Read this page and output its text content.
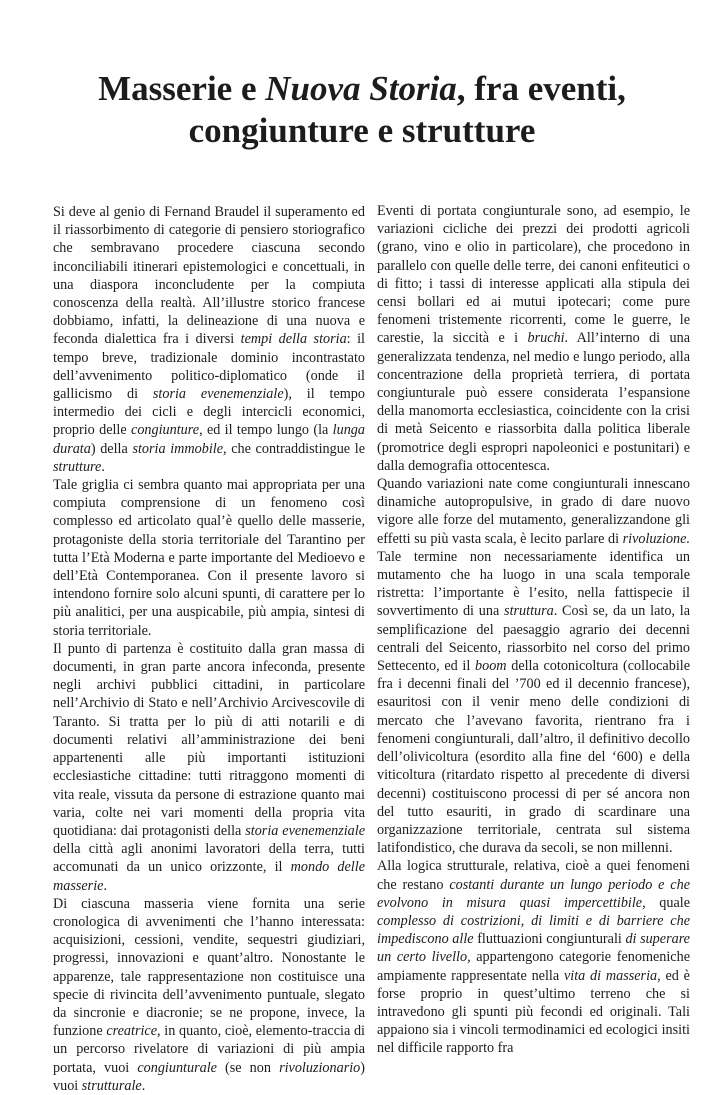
Masserie e Nuova Storia, fra eventi,
congiunture e strutture

Si deve al genio di Fernand Braudel il superamento ed il riassorbimento di categorie di pensiero storiografico che sembravano procedere ciascuna secondo inconciliabili itinerari epistemologici e concettuali, in una diaspora inconcludente per la compiuta conoscenza della realtà. All’illustre storico francese dobbiamo, infatti, la delineazione di una nuova e feconda dialettica fra i diversi tempi della storia: il tempo breve, tradizionale dominio incontrastato dell’avvenimento politico-diplomatico (onde il gallicismo di storia evenemenziale), il tempo intermedio dei cicli e degli intercicli economici, proprio delle congiunture, ed il tempo lungo (la lunga durata) della storia immobile, che contraddistingue le strutture.

Tale griglia ci sembra quanto mai appropriata per una compiuta comprensione di un fenomeno così complesso ed articolato qual’è quello delle masserie, protagoniste della storia territoriale del Tarantino per tutta l’Età Moderna e parte importante del Medioevo e dell’Età Contemporanea. Con il presente lavoro si intendono fornire solo alcuni spunti, di carattere per lo più analitici, per una auspicabile, più ampia, sintesi di storia territoriale.

Il punto di partenza è costituito dalla gran massa di documenti, in gran parte ancora infeconda, presente negli archivi pubblici cittadini, in particolare nell’Archivio di Stato e nell’Archivio Arcivescovile di Taranto. Si tratta per lo più di atti notarili e di documenti relativi all’amministrazione dei beni appartenenti alle più importanti istituzioni ecclesiastiche cittadine: tutti ritraggono momenti di vita reale, vissuta da persone di estrazione quanto mai varia, colte nei vari momenti della propria vita quotidiana: dai protagonisti della storia evenemenziale della città agli anonimi lavoratori della terra, tutti accomunati da un unico orizzonte, il mondo delle masserie.

Di ciascuna masseria viene fornita una serie cronologica di avvenimenti che l’hanno interessata: acquisizioni, cessioni, vendite, sequestri giudiziari, progressi, innovazioni e quant’altro. Nonostante le apparenze, tale rappresentazione non costituisce una specie di rivincita dell’avvenimento puntuale, slegato da sincronie e diacronie; se ne propone, invece, la funzione creatrice, in quanto, cioè, elemento-traccia di un percorso rivelatore di variazioni di più ampia portata, vuoi congiunturale (se non rivoluzionario) vuoi strutturale.

Eventi di portata congiunturale sono, ad esempio, le variazioni cicliche dei prezzi dei prodotti agricoli (grano, vino e olio in particolare), che procedono in parallelo con quelle delle terre, dei canoni enfiteutici o di fitto; i tassi di interesse applicati alla stipula dei censi bollari ed ai mutui ipotecari; come pure fenomeni tristemente ricorrenti, come le guerre, le carestie, la siccità e i bruchi. All’interno di una generalizzata tendenza, nel medio e lungo periodo, alla concentrazione della proprietà terriera, di portata congiunturale può essere considerata l’espansione della manomorta ecclesiastica, coincidente con la crisi di metà Seicento e riassorbita dalla politica liberale (promotrice degli espropri napoleonici e postunitari) e dalla demografia ottocentesca.

Quando variazioni nate come congiunturali innescano dinamiche autopropulsive, in grado di dare nuovo vigore alle forze del mutamento, generalizzandone gli effetti su più vasta scala, è lecito parlare di rivoluzione. Tale termine non necessariamente identifica un mutamento che ha luogo in una scala temporale ristretta: l’importante è l’esito, nella fattispecie il sovvertimento di una struttura. Così se, da un lato, la semplificazione del paesaggio agrario dei decenni centrali del Seicento, riassorbito nel corso del primo Settecento, ed il boom della cotonicoltura (collocabile fra i decenni finali del ’700 ed il decennio francese), esauritosi con il venir meno delle condizioni di mercato che l’avevano favorita, rientrano fra i fenomeni congiunturali, dall’altro, il definitivo decollo dell’olivicoltura (esordito alla fine del ‘600) e della viticoltura (ritardato rispetto al precedente di diversi decenni) costituiscono processi di per sé ancora non del tutto esauriti, in grado di scardinare una organizzazione territoriale, centrata sul sistema latifondistico, che durava da secoli, se non millenni.

Alla logica strutturale, relativa, cioè a quei fenomeni che restano costanti durante un lungo periodo e che evolvono in misura quasi impercettibile, quale complesso di costrizioni, di limiti e di barriere che impediscono alle fluttuazioni congiunturali di superare un certo livello, appartengono categorie fenomeniche ampiamente rappresentate nella vita di masseria, ed è forse proprio in quest’ultimo terreno che si intravedono gli spunti più fecondi ed originali. Tali appaiono sia i vincoli termodinamici ed ecologici insiti nel difficile rapporto fra
